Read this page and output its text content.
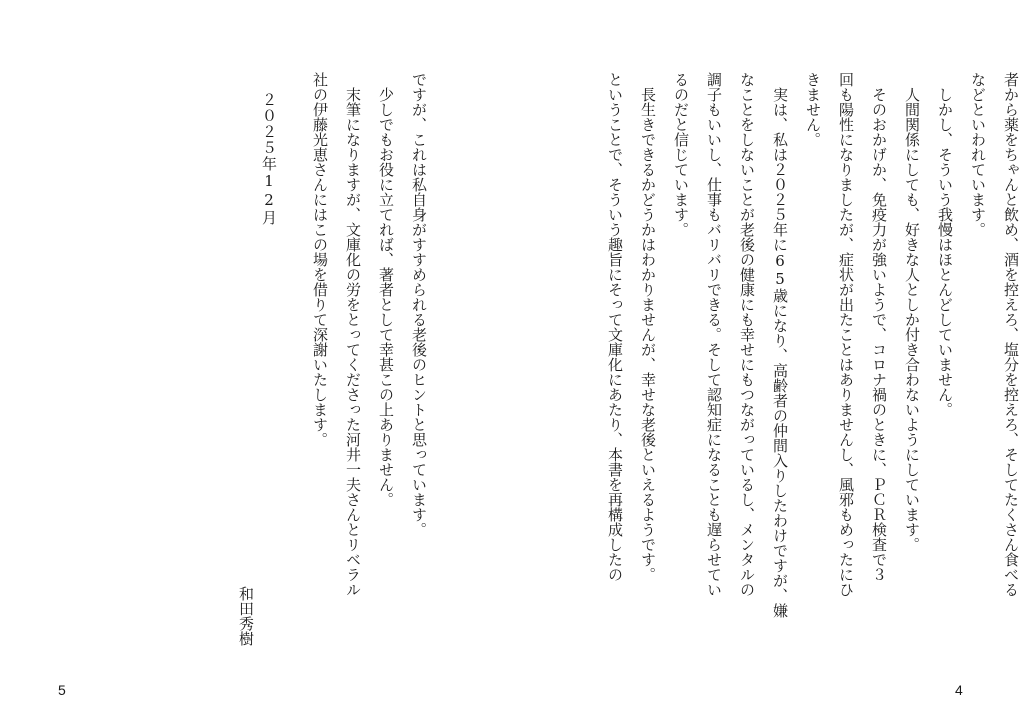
者から薬をちゃんと飲め、酒を控えろ、塩分を控えろ、そしてたくさん食べる

などといわれています。

　しかし、そういう我慢はほとんどしていません。

　人間関係にしても、好きな人としか付き合わないようにしています。

　そのおかげか、免疫力が強いようで、コロナ禍のときに、ＰＣＲ検査で３

回も陽性になりましたが、症状が出たことはありませんし、風邪もめったにひ

きません。

　実は、私は２０２５年に65歳になり、高齢者の仲間入りしたわけですが、嫌

なことをしないことが老後の健康にも幸せにもつながっているし、メンタルの

調子もいいし、仕事もバリバリできる。そして認知症になることも遅らせてい

るのだと信じています。

　長生きできるかどうかはわかりませんが、幸せな老後といえるようです。

ということで、そういう趣旨にそって文庫化にあたり、本書を再構成したの

ですが、これは私自身がすすめられる老後のヒントと思っています。

　少しでもお役に立てれば、著者として幸甚この上ありません。

　末筆になりますが、文庫化の労をとってくださった河井一夫さんとリベラル

社の伊藤光恵さんにはこの場を借りて深謝いたします。

２０２５年12月

和田秀樹

5	4
